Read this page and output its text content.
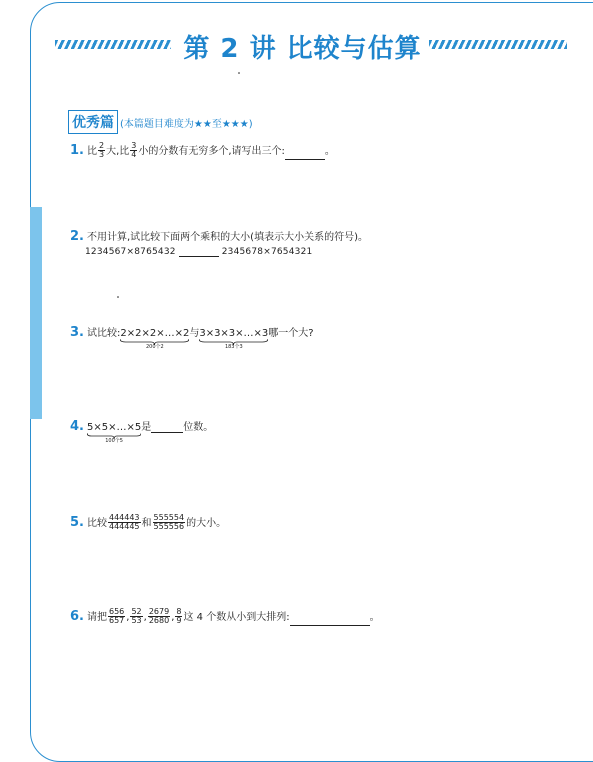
第 2 讲 比较与估算
优秀篇 (本篇题目难度为★★至★★★)
1. 比 $\frac{2}{3}$ 大,比 $\frac{3}{4}$ 小的分数有无穷多个,请写出三个:	。
2. 不用计算,试比较下面两个乘积的大小(填表示大小关系的符号)。
1234567×8765432	2345678×7654321
3. 试比较:2×2×2×…×2
200个2
与3×3×3×…×3
183个3
哪一个大?
4. 5×5×…×5
100个5
是	位数。
5. 比较 $\frac{444443}{444445}$ 和 $\frac{555554}{555556}$ 的大小。
6. 请把 $\frac{656}{657}$ , $\frac{52}{53}$ , $\frac{2679}{2680}$ , $\frac{8}{9}$ 这 4 个数从小到大排列:	。
